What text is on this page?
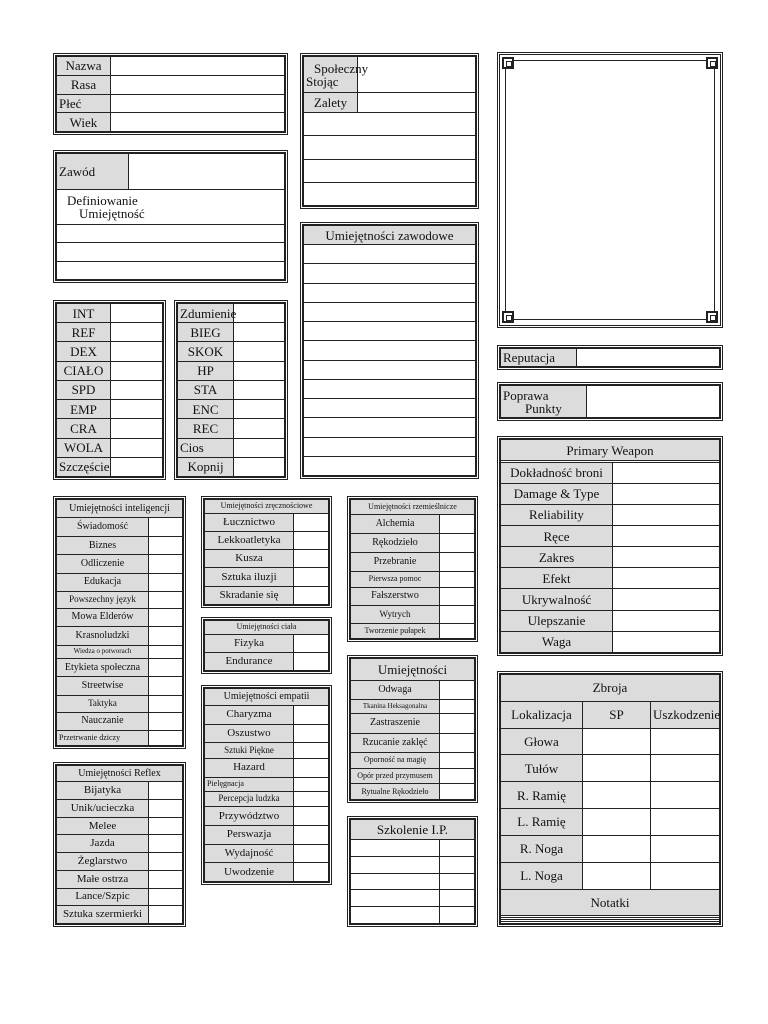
Nazwa	
Rasa	
Płeć	
Wiek	
Społeczny
Stojąc	

Zalety	

Zawód	

Definiowanie
Umiejętność

Umiejętności zawodowe

INT	
REF	
DEX	
CIAŁO	
SPD	
EMP	
CRA	
WOLA	
Szczęście	
Zdumienie	
BIEG	
SKOK	
HP	
STA	
ENC	
REC	
Cios	
Kopnij	
Reputacja	
Poprawa
Punkty

Primary Weapon	

Dokładność broni	
Damage & Type	
Reliability	
Ręce	
Zakres	
Efekt	
Ukrywalność	
Ulepszanie	
Waga	
Umiejętności inteligencji	
Świadomość	
Biznes	
Odliczenie	
Edukacja	
Powszechny język	
Mowa Elderów	
Krasnoludzki	
Wiedza o potworach	
Etykieta społeczna	
Streetwise	
Taktyka	
Nauczanie	
Przetrwanie dziczy	
Umiejętności zręcznościowe	
Łucznictwo	
Lekkoatletyka	
Kusza	
Sztuka iluzji	
Skradanie się	
Umiejętności rzemieślnicze	
Alchemia	
Rękodzieło	
Przebranie	
Pierwsza pomoc	
Fałszerstwo	
Wytrych	
Tworzenie pułapek	
Umiejętności ciała	
Fizyka	
Endurance	
Umiejętności	
Odwaga	
Tkanina Heksagonalna	
Zastraszenie	
Rzucanie zaklęć	
Oporność na magię	
Opór przed przymusem	
Rytualne Rękodzieło	
Umiejętności empatii	
Charyzma	
Oszustwo	
Sztuki Piękne	
Hazard	
Pielęgnacja	
Percepcja ludzka	
Przywództwo	
Perswazja	
Wydajność	
Uwodzenie	
Umiejętności Reflex	
Bijatyka	
Unik/ucieczka	
Melee	
Jazda	
Żeglarstwo	
Małe ostrza	
Lance/Szpic	
Sztuka szermierki	
Szkolenie I.P.	

Zbroja		
Lokalizacja	SP	Uszkodzenie
Głowa		
Tułów		
R. Ramię		
L. Ramię		
R. Noga		
L. Noga		
Notatki		
